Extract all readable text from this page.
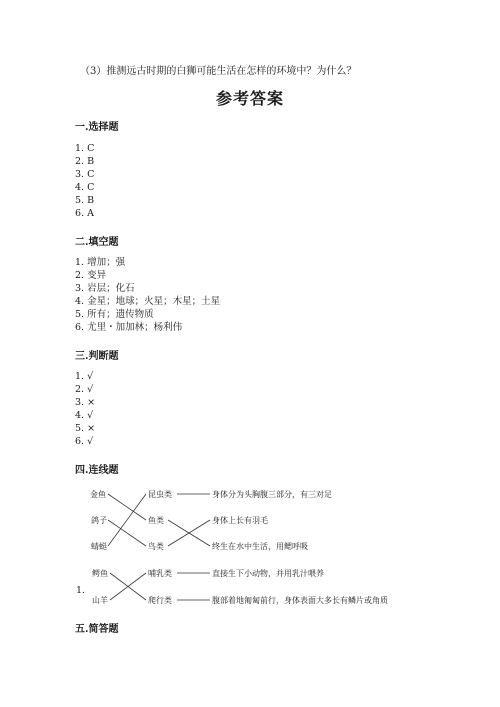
（3）推测远古时期的白狮可能生活在怎样的环境中？为什么？
参考答案
一.选择题
1. C
2. B
3. C
4. C
5. B
6. A
二.填空题
1. 增加；强
2. 变异
3. 岩层；化石
4. 金星；地球；火星；木星；土星
5. 所有；遗传物质
6. 尤里・加加林；杨利伟
三.判断题
1. √
2. √
3. ×
4. √
5. ×
6. √
四.连线题
金鱼
鸽子
蜻蜓
昆虫类
鱼类
鸟类
身体分为头胸腹三部分，有三对足
身体上长有羽毛
终生在水中生活，用鳃呼吸
1.
鳄鱼
山羊
哺乳类
爬行类
直接生下小动物，并用乳汁喂养
腹部着地匍匐前行，身体表面大多长有鳞片或角质
五.简答题
